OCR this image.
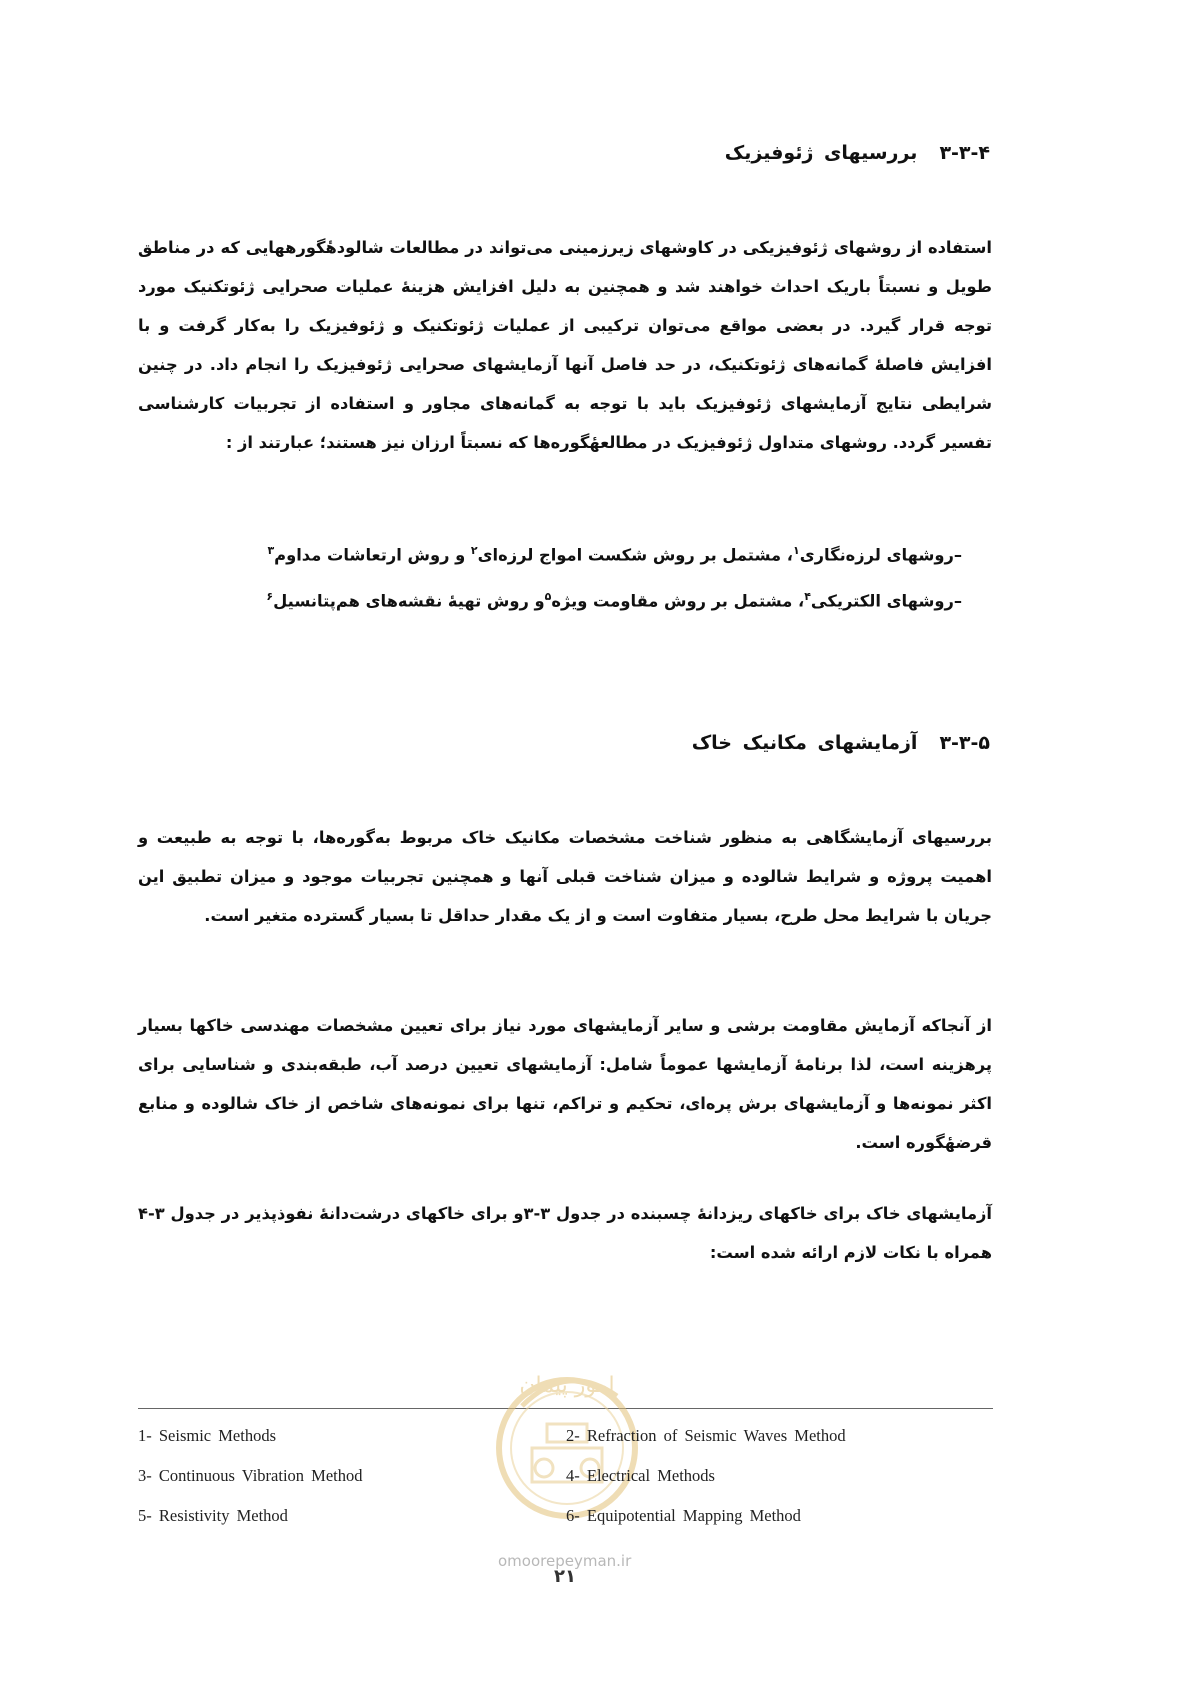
۳-۳-۴بررسیهای ژئوفیزیک
استفاده از روشهای ژئوفیزیکی در کاوشهای زیرزمینی می‌تواند در مطالعات شالودهٔگورههایی که در مناطق طویل و نسبتاً باریک احداث خواهند شد و همچنین به دلیل افزایش هزینهٔ عملیات صحرایی ژئوتکنیک مورد توجه قرار گیرد. در بعضی مواقع می‌توان ترکیبی از عملیات ژئوتکنیک و ژئوفیزیک را به‌کار گرفت و با افزایش فاصلهٔ گمانه‌های ژئوتکنیک، در حد فاصل آنها آزمایشهای صحرایی ژئوفیزیک را انجام داد. در چنین شرایطی نتایج آزمایشهای ژئوفیزیک باید با توجه به گمانه‌های مجاور و استفاده از تجربیات کارشناسی تفسیر گردد. روشهای متداول ژئوفیزیک در مطالعهٔگوره‌ها که نسبتاً ارزان نیز هستند؛ عبارتند از :
–روشهای لرزه‌نگاری$^۱$، مشتمل بر روش شکست امواج لرزه‌ای$^۲$ و روش ارتعاشات مداوم$^۳$
–روشهای الکتریکی$^۴$، مشتمل بر روش مقاومت ویژه$^۵$و روش تهیهٔ نقشه‌های هم‌پتانسیل$^۶$
۳-۳-۵آزمایشهای مکانیک خاک
بررسیهای آزمایشگاهی به منظور شناخت مشخصات مکانیک خاک مربوط به‌گوره‌ها، با توجه به طبیعت و اهمیت پروژه و شرایط شالوده و میزان شناخت قبلی آنها و همچنین تجربیات موجود و میزان تطبیق این جریان با شرایط محل طرح، بسیار متفاوت است و از یک مقدار حداقل تا بسیار گسترده متغیر است.
از آنجاکه آزمایش مقاومت برشی و سایر آزمایشهای مورد نیاز برای تعیین مشخصات مهندسی خاکها بسیار پرهزینه است، لذا برنامهٔ آزمایشها عموماً شامل: آزمایشهای تعیین درصد آب، طبقه‌بندی و شناسایی برای اکثر نمونه‌ها و آزمایشهای برش پره‌ای، تحکیم و تراکم، تنها برای نمونه‌های شاخص از خاک شالوده و منابع قرضهٔگوره است.
آزمایشهای خاک برای خاکهای ریزدانهٔ چسبنده در جدول ۳-۳و برای خاکهای درشت‌دانهٔ نفوذپذیر در جدول ۳-۴ همراه با نکات لازم ارائه شده است:
امور پیمان
1- Seismic Methods	2- Refraction of Seismic Waves Method
3- Continuous Vibration Method	4- Electrical Methods
5- Resistivity Method	6- Equipotential Mapping Method
omoorepeyman.ir
۲۱
